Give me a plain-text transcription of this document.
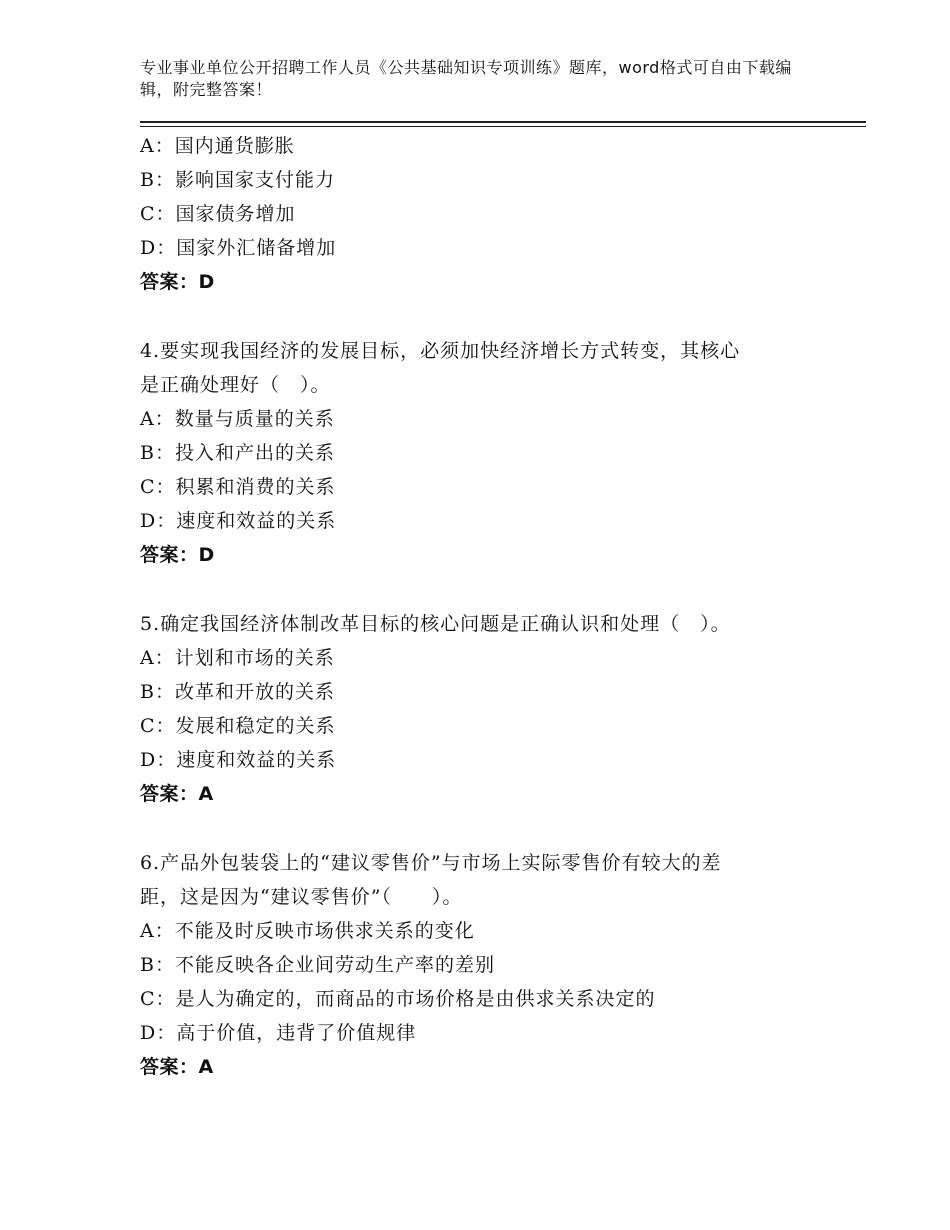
专业事业单位公开招聘工作人员《公共基础知识专项训练》题库，word格式可自由下载编辑，附完整答案！
A：国内通货膨胀
B：影响国家支付能力
C：国家债务增加
D：国家外汇储备增加
答案：D
4.要实现我国经济的发展目标，必须加快经济增长方式转变，其核心
是正确处理好（　）。
A：数量与质量的关系
B：投入和产出的关系
C：积累和消费的关系
D：速度和效益的关系
答案：D
5.确定我国经济体制改革目标的核心问题是正确认识和处理（　）。
A：计划和市场的关系
B：改革和开放的关系
C：发展和稳定的关系
D：速度和效益的关系
答案：A
6.产品外包装袋上的“建议零售价”与市场上实际零售价有较大的差
距，这是因为“建议零售价”（　　）。
A：不能及时反映市场供求关系的变化
B：不能反映各企业间劳动生产率的差别
C：是人为确定的，而商品的市场价格是由供求关系决定的
D：高于价值，违背了价值规律
答案：A
